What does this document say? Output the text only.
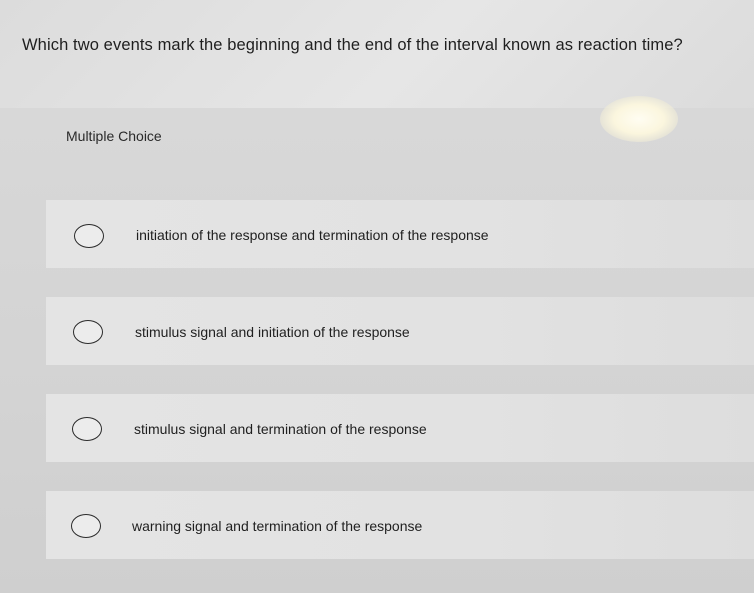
Which two events mark the beginning and the end of the interval known as reaction time?
Multiple Choice
initiation of the response and termination of the response
stimulus signal and initiation of the response
stimulus signal and termination of the response
warning signal and termination of the response
